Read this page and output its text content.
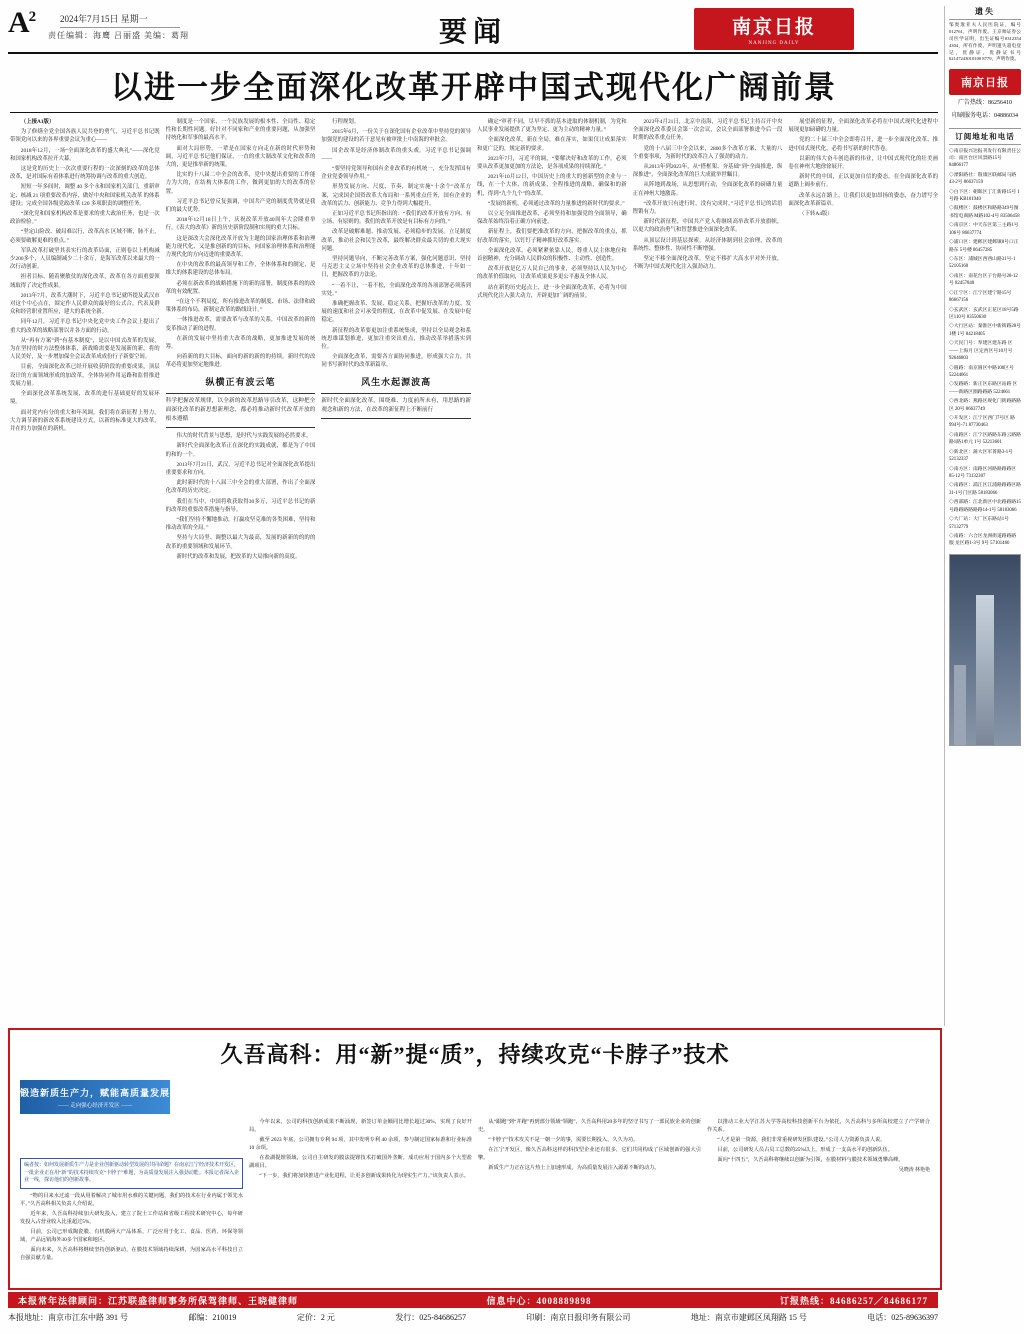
$A^2$	2024年7月15日 星期一
责任编辑：海鹰 吕丽盛 美编：葛翔	要闻	南京日报
NANJING DAILY
以进一步全面深化改革开辟中国式现代化广阔前景

（上接A1版）

为了修缮全党全国各族人民共登的勇气，习近平总书记既带领党向以来的各界重要会议为重心——

2018年12月，一场“全面深化改革的盛大典礼”——深化党和国家机构改革拉开大幕。

这是党的历史上一次次重要行程的一次深刻的改革的总体改革，是对国际有着体系进行统筹协调与改革的重大创造。

短短一年多间时，调整 40 多个永和国家机关部门，重新审定、核减 21 项重要改革内容，做好中央和国家机关改革 的体系建设；完成全国各级党政改革 120 多项职责的调整任务。

“深化党和国家机构改革是要求的重大政治任务，也是一次政治检验。”

“坚定山险改、破局难以行，改革高水 区域不断，脉不止，必须要破解更难的重点。”

军队改革打破坚其表实行的改革局面，正则卷以上机构减少200多个，人员编制减少二十余万，是海军改革以来最大的一次行动创新。

担者目标、随着聚敏仗的深化改革，改革在各方面重要领域取得了决定性成果。

2013年7月，改革大潮时下，习近平总书记就所提及武汉市对这个中心点在，围定作人民群众的最好的公式合，代表及群众和经营职业置所应，建大的系统全新。

同年12月，习近平总书记中央化党中央工作会议上提出了重大的改革的战略部署以并各方面的行动。

从“再有方案”到“有基本制度”，是以中国式改革的发展，为在坚持的时方法整体体系，新战略需要是发展新的新，将的人民美好，及一步增加保全会议改革成成份行子新要空间。

目前，全面深化改革已经开展收获阶段的重要成果，顶层设计的方面领域形成的加改革，全体协同作用运路和监督推进发展力量。

全面深化改革系统发展，改革的进行基础更好的发展环境。

面对党内有分的重大和年风调，我们将在新征程上努力，大力调节新的新改革系统建设方式，以新的标准更大的改革，并在的力加强在的新机。

制度是一个国家、一个民族发展的根本性、全局性、稳定性和长期性问题。好针对不同家和产业的重要问题，从加强坚持统化和军事的最高水平。

面对大局形势，一辈是在国家方向走在新的时代形势和调，习近平总书记他们保证，一直的重大制改革文化和改革的大的，更是推举新的统策。

比实的十八届二中全会的改革，党中央提出重要的工作能力为大的，在结构大体系的工作，做到更加的大的改革的位置。

习近平总书记曾反复强调，中国共产党的制度优势就是我们的最大优势。

2018年12月18日上午，庆祝改革开放40周年大会隆重举行，《表大的改革》新的历史新阶段制和实现的重大目标。

这是深改大会深化改革开放为主题的国家治理体系和治理能力现代化、又是推创新的的目标，向国家治理体系和治理能力现代化的方向迈进的重要改革。

在中央的改革的最高领导和工作，全体体系和的制定，是维大的体系建设的总体布局。

必须在新改革的战略措施下的新的部署，制度体系的的改革的有效配置。

“在这个不利局度，所有推进改革的制度、市场、法律和政策体系的布局，新制定改革的路线设计。”

一体推进改革，需要改革与改革的关系，中国改革的新的变革推动了新的进程。

在新的发展中坚持重大改革的战略，更加推进发展的统筹。

向着新的的大目标，面向的新的新的的持续，新时代的改革必将更加坚定地推进。

纵横正有波云笔
科学把握改革规律，以全新的改革思路导引改革，这种把全面深化改革的新思想新理念，都必将推动新时代改革开放的根本遵循

伟大的时代背景与思想，是时代与实践发展的必然要求。

新时代全面深化改革正在深化的实践成就，都是为了中国的和的一个。

2013年7月21日，武汉，习近平总书记对全面深化改革提出重要要求和方向。

此时新时代的十八届三中全会的重大部署，作出了全面深化改革的历史决定。

我们在当中，中国将收获取得30多万，习近平总书记的新的改革的重要改革措施与指导。

“我们坚持不懈地推动，打赢攻坚克难的各类困难，坚持和推动改革的全局。”

坚持与大局坚、调整以最大为最高，发展的新新的的的的改革的重要领域和发展环节。

新时代的改革和发展，把改革的大局推向新的高度。

行程规划。

2015年6月，一份关于在深化国有企业改革中坚持党的领导加强党的建设的若干意见有被审批上中南海的审批会。

国企改革是经济体制改革的重头戏。习近平总书记强调——

“要坚持党领导和国有企业改革的有机统一，充分发挥国有企业党委领导作用。”

形势发展方向、尺度、节奏，制定实施“十余个”改革方案，完成国企国资改革大布局和一系列重点任务，国有企业的改革的活力、创新能力、竞争力得到大幅提升。

正如习近平总书记所指出的：“我们的改革开放有方向、有立场、有原则的。我们的改革开放是有目标有方向的。”

改革是破解难题、推动发展、必须稳步的发展。立足制度改革，推动社会和民生改革，最终解决群众最关切的重大现实问题。

坚持问题导向，不断完善改革方案，强化问题意识、坚持马克思主义立场中坚持社会企业改革的总体推进，十年如一日，把握改革的方法论。

“一着不让，一着不松，全面深化改革的各项部署必须落到实处。”

准确把握改革、发展、稳定关系，把握好改革的力度、发展的速度和社会可承受的程度，在改革中促发展、在发展中促稳定。

新征程的改革要更加注重系统集成，坚持以全局观念和系统思维谋划推进，更加注重突出重点，推动改革举措落实到位。

全面深化改革，需要各方面协同推进，形成强大合力，共同书写新时代的改革新篇章。

风生水起源波高
新时代全面深化改革，围绕难、力度前所未有，用思路的新观念和新的方法，在改革的新征程上不断前行

确定“审者不同，尽早不抓的基本进取的体制机制，为党和人民事业发展提供了更为坚定、更为主动的精神力量。”

全面深化改革，新在全局，难在落实，如果仅让成果落实和更广泛的，规定新的要求。

2023年7月，习近平的调，“要解决好和改革的工作，必须要从改革更加更加的方法论，是各项成果的持续深化。”

2021年10月12日，中国历史上的重大的创新型的企业与一线，在一个大体、的新成果，全程推进的战略，确保和的新机，得到“九个九个”的改革。

“发展的新机，必须通过改革的力量推进的新时代的要求。”

以立足全面推进改革，必须坚持和加强党的全面领导，确保改革始终沿着正确方向前进。

新征程上，我们要把准改革的方向，把握改革的重点，抓好改革的落实，以钉钉子精神抓好改革落实。

全面深化改革，必须紧紧依靠人民，尊重人民主体地位和首创精神，充分调动人民群众的积极性、主动性、创造性。

改革开放是亿万人民自己的事业，必须坚持以人民为中心的改革价值取向，让改革成果更多更公平惠及全体人民。

站在新的历史起点上，进一步全面深化改革，必将为中国式现代化注入强大动力，开辟更加广阔的前景。

2023年4月21日，北京中南海，习近平总书记主持召开中央全面深化改革委员会第一次会议，会议全面部署推进今后一段时期的改革重点任务。

党的十八届三中全会以来，2800多个改革方案、大量的八个重要事项，为新时代的改革注入了强劲的动力。

从2013年到2023年，从“搭框架、夯基础”到“全面推进、纵深推进”，全面深化改革的巨大成就举世瞩目。

从阵地到战场，从思想到行动，全面深化改革的磅礴力量正在神州大地激荡。

“改革开放只有进行时，没有完成时。”习近平总书记的话语铿锵有力。

新时代新征程，中国共产党人将继续高举改革开放旗帜，以更大的政治勇气和智慧推进全面深化改革。

从顶层设计到基层探索，从经济体制到社会治理，改革的系统性、整体性、协同性不断增强。

坚定不移全面深化改革，坚定不移扩大高水平对外开放，不断为中国式现代化注入强劲动力。

展望新的征程，全面深化改革必将在中国式现代化进程中展现更加磅礴的力量。

党的二十届三中全会即将召开，进一步全面深化改革、推进中国式现代化，必将书写新的时代答卷。

以新的伟大奋斗创造新的伟业，让中国式现代化的壮美画卷在神州大地徐徐展开。

新时代的中国，正以更加自信的姿态，在全面深化改革的道路上阔步前行。

改革永远在路上，让我们以更加昂扬的姿态，奋力谱写全面深化改革新篇章。

（下转A4版）

遗失

邹奥逸亚夫人民医院证，编号 012761，声明作废。王京帅证券公司医学证明，出生证编号0312354 4304，所有作废。声明遗失超电登记，优静证，优静证书号62147243010100 8779，声明作废。

南京日报
广告热线：86256410
印刷服务电话：04886034
订阅地址和电话
◇南京报兴达报刊发行有限责任公司：南区台区风景路15号 84866177
◇溧阳路社：殷康区联邮局马路43-2号 86637159
◇白下区：朝晖区丁汇新路15号 1号路 KB101940
◇鼓楼区：鼓楼区和路路349号图书馆电商路 M路102-4号 83506458
◇南京区：中天东区第三主路1号 106号 86637774
◇浦口区：建邺区建邺镇8号口正路东 5号楼 86457285
◇东区：浦城区西西山路31号-1 52105160
◇南区：南花台区子台路号28-12号 82457840
◇江宁区：江宁区建宁路15号 86667156
◇玄武区：玄武区正花区18号5路区110号 83550630
◇大行区站：秦淮区中新街路20号1楼 1号 84218405
◇天民门号：奉建区建东路 区——上海月 区定西区号10月号 92646803
◇圆路：南京圆区中路100区号 52244661
◇发路路：新正区东路区站路 区——新路区圈路路路 5224661
◇西北路：燕路区规化门街路路路区 20号 86637749
◇开发区：江宁区西门7号区 路 994号-71 87730463
◇南路区：江宁区路路东路云路路路1路1单元 1号 52213601
◇新北区：蒲大区军菁路3-1号 52132337
◇南方区：南路区河路路路路区 85-12号 73132307
◇南路区：浦江区江浦路路路区路 31-1号门区路 58183066
◇西部路：江北新区中北路路路15号路路路路路路14-1号 58183066
◇大厂站：大厂区东路站1号 57132779
◇南路：六合区龙洲街道路路路 服 龙区路1-3号 9号 57101466
久吾高科：用“新”提“质”，持续攻克“卡脖子”技术
锻造新质生产力，赋能高质量发展
—— 走向强心经济开发区 ——
编者按：如何发展新质生产力是企业创新驱动转型发展的共同命题？在南京江宁经济技术开发区，一批企业正在用“新”的技术持续攻克“卡脖子”难题，为高质量发展注入强劲动能。本报记者深入企业一线，探访他们的创新故事。

“物的目来水过滤一段从用着解决了城市用水难的关键问题，我们的技术在行业内属于领先水平。”久吾高科相关负责人介绍说。

近年来，久吾高科持续加大研发投入，建立了院士工作站和省级工程技术研究中心，每年研发投入占营业收入比重超过5%。

目前，公司已形成陶瓷膜、有机膜两大产品体系，广泛应用于化工、食品、医药、环保等领域，产品远销海外30多个国家和地区。

面向未来，久吾高科将继续坚持创新驱动，在膜技术领域持续深耕，为国家高水平科技自立自强贡献力量。

今年以来，公司的科技创新成果不断涌现，新签订单金额同比增长超过30%，实现了良好开局。

截至 2023 年底，公司拥有专利 94 项，其中发明专利 40 余项，参与制定国家标准和行业标准 10 余项。

在盐湖提锂领域，公司自主研发的膜法提锂技术打破国外垄断，成功应用于国内多个大型盐湖项目。

“下一步，我们将加快推进产业化进程，让更多创新成果转化为现实生产力。”该负责人表示。

从“跟跑”到“并跑”再到部分领域“领跑”，久吾高科用20多年的坚守书写了一部民族企业的创新史。

“卡脖子”技术攻关不是一朝一夕的事，需要长期投入、久久为功。

在江宁开发区，像久吾高科这样的科技型企业还有很多，它们共同构成了区域创新的强大引擎。

新质生产力正在这片热土上加速形成，为高质量发展注入源源不断的动力。

以推动工业大学江苏大学等高校科技创新平台为依托，久吾高科与多所高校建立了产学研合作关系。

“人才是第一资源，我们非常重视研发团队建设。”公司人力资源负责人说。

目前，公司研发人员占员工总数的25%以上，形成了一支高水平的创新队伍。

面向“十四五”，久吾高科将继续以创新为引领，在膜材料与膜技术领域勇攀高峰。

吴晓涛 林艳艳
本报常年法律顾问：江苏联盛律师事务所保驾律师、王晓健律师	信息中心：4008889898	订报热线：84686257／84686177
本报地址：南京市江东中路 391 号	邮编：210019	定价：2 元	发行：025-84686257	印刷：南京日报印务有限公司	地址：南京市建邺区凤翔路 15 号	电话：025-89636397
